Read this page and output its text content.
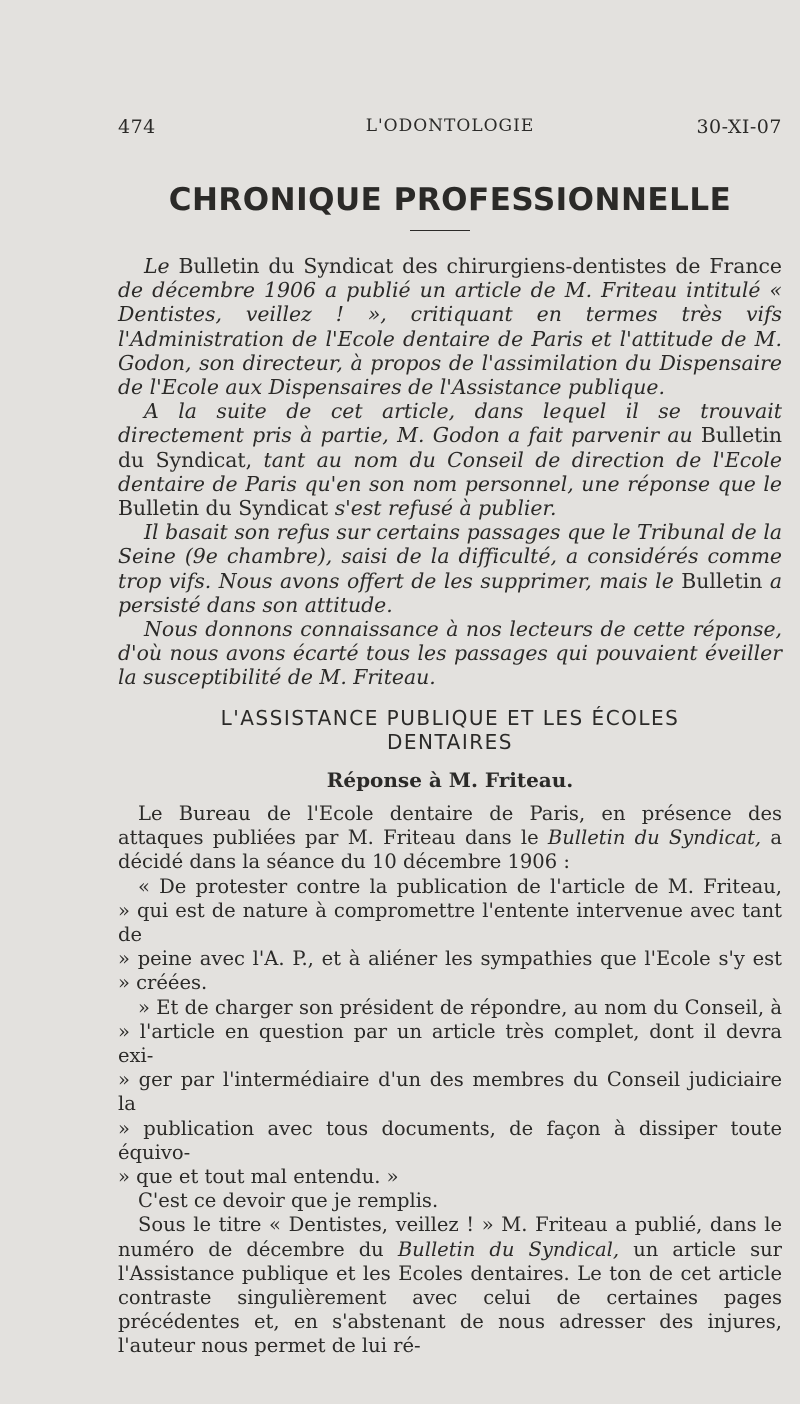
474	L'ODONTOLOGIE	30-XI-07
CHRONIQUE PROFESSIONNELLE

Le Bulletin du Syndicat des chirurgiens-dentistes de France de décembre 1906 a publié un article de M. Friteau intitulé « Dentistes, veillez ! », critiquant en termes très vifs l'Administration de l'Ecole dentaire de Paris et l'attitude de M. Godon, son directeur, à propos de l'assimilation du Dispensaire de l'Ecole aux Dispensaires de l'Assistance publique.

A la suite de cet article, dans lequel il se trouvait directement pris à partie, M. Godon a fait parvenir au Bulletin du Syndicat, tant au nom du Conseil de direction de l'Ecole dentaire de Paris qu'en son nom personnel, une réponse que le Bulletin du Syndicat s'est refusé à publier.

Il basait son refus sur certains passages que le Tribunal de la Seine (9e chambre), saisi de la difficulté, a considérés comme trop vifs. Nous avons offert de les supprimer, mais le Bulletin a persisté dans son attitude.

Nous donnons connaissance à nos lecteurs de cette réponse, d'où nous avons écarté tous les passages qui pouvaient éveiller la susceptibilité de M. Friteau.

L'ASSISTANCE PUBLIQUE ET LES ÉCOLES
DENTAIRES
Réponse à M. Friteau.

Le Bureau de l'Ecole dentaire de Paris, en présence des attaques publiées par M. Friteau dans le Bulletin du Syndicat, a décidé dans la séance du 10 décembre 1906 :

« De protester contre la publication de l'article de M. Friteau,
» qui est de nature à compromettre l'entente intervenue avec tant de
» peine avec l'A. P., et à aliéner les sympathies que l'Ecole s'y est
» créées.
» Et de charger son président de répondre, au nom du Conseil, à
» l'article en question par un article très complet, dont il devra exi-
» ger par l'intermédiaire d'un des membres du Conseil judiciaire la
» publication avec tous documents, de façon à dissiper toute équivo-
» que et tout mal entendu. »

C'est ce devoir que je remplis.

Sous le titre « Dentistes, veillez ! » M. Friteau a publié, dans le numéro de décembre du Bulletin du Syndical, un article sur l'Assistance publique et les Ecoles dentaires. Le ton de cet article contraste singulièrement avec celui de certaines pages précédentes et, en s'abstenant de nous adresser des injures, l'auteur nous permet de lui ré-
